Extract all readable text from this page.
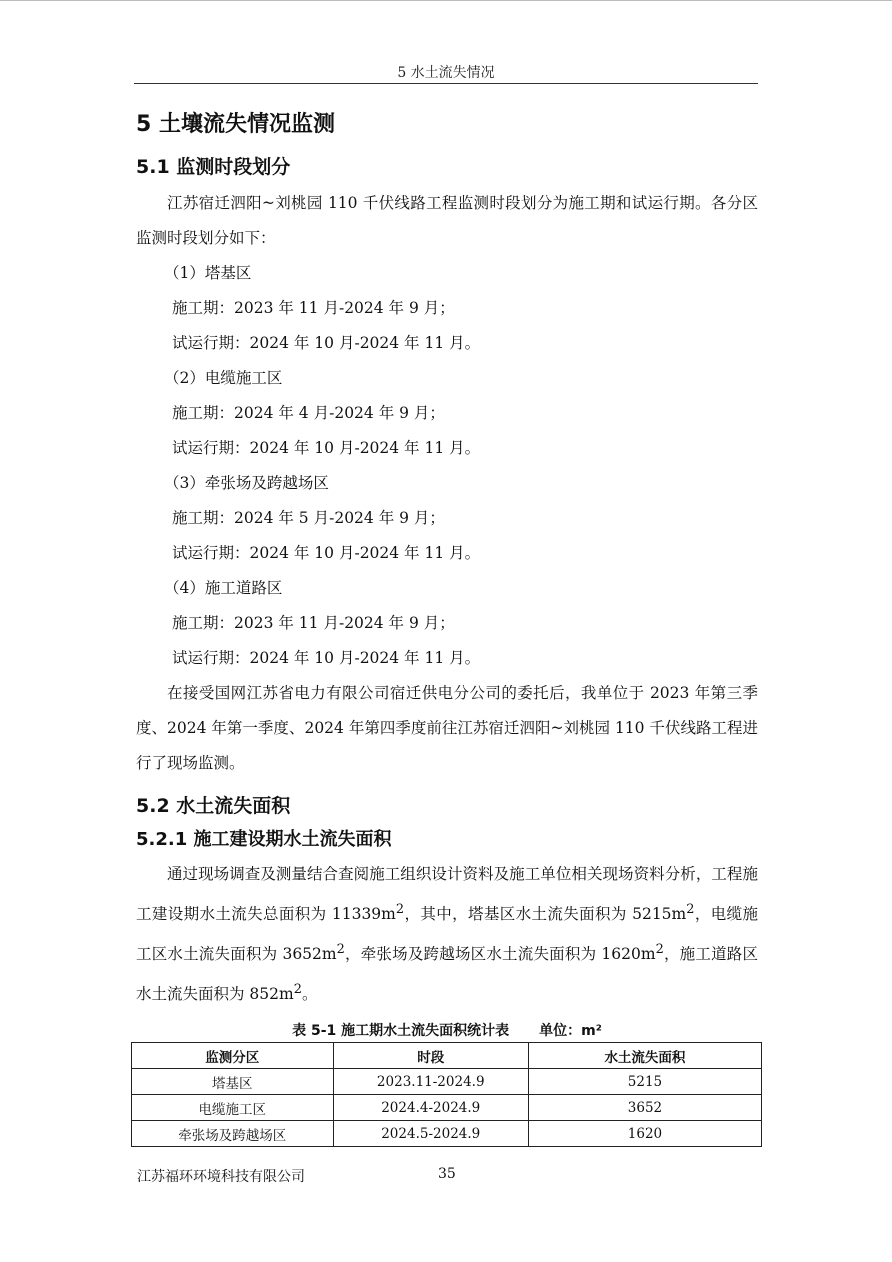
5 水土流失情况
5 土壤流失情况监测
5.1 监测时段划分

江苏宿迁泗阳~刘桃园 110 千伏线路工程监测时段划分为施工期和试运行期。各分区监测时段划分如下：

（1）塔基区

施工期：2023 年 11 月-2024 年 9 月；

试运行期：2024 年 10 月-2024 年 11 月。

（2）电缆施工区

施工期：2024 年 4 月-2024 年 9 月；

试运行期：2024 年 10 月-2024 年 11 月。

（3）牵张场及跨越场区

施工期：2024 年 5 月-2024 年 9 月；

试运行期：2024 年 10 月-2024 年 11 月。

（4）施工道路区

施工期：2023 年 11 月-2024 年 9 月；

试运行期：2024 年 10 月-2024 年 11 月。

在接受国网江苏省电力有限公司宿迁供电分公司的委托后，我单位于 2023 年第三季度、2024 年第一季度、2024 年第四季度前往江苏宿迁泗阳~刘桃园 110 千伏线路工程进行了现场监测。

5.2 水土流失面积
5.2.1 施工建设期水土流失面积

通过现场调查及测量结合查阅施工组织设计资料及施工单位相关现场资料分析，工程施工建设期水土流失总面积为 $11339m^2$，其中，塔基区水土流失面积为 $5215m^2$，电缆施工区水土流失面积为 $3652m^2$，牵张场及跨越场区水土流失面积为 $1620m^2$，施工道路区水土流失面积为 $852m^2$。

表 5-1 施工期水土流失面积统计表 单位：m²
监测分区	时段	水土流失面积
塔基区	2023.11-2024.9	5215
电缆施工区	2024.4-2024.9	3652
牵张场及跨越场区	2024.5-2024.9	1620
江苏福环环境科技有限公司	35
